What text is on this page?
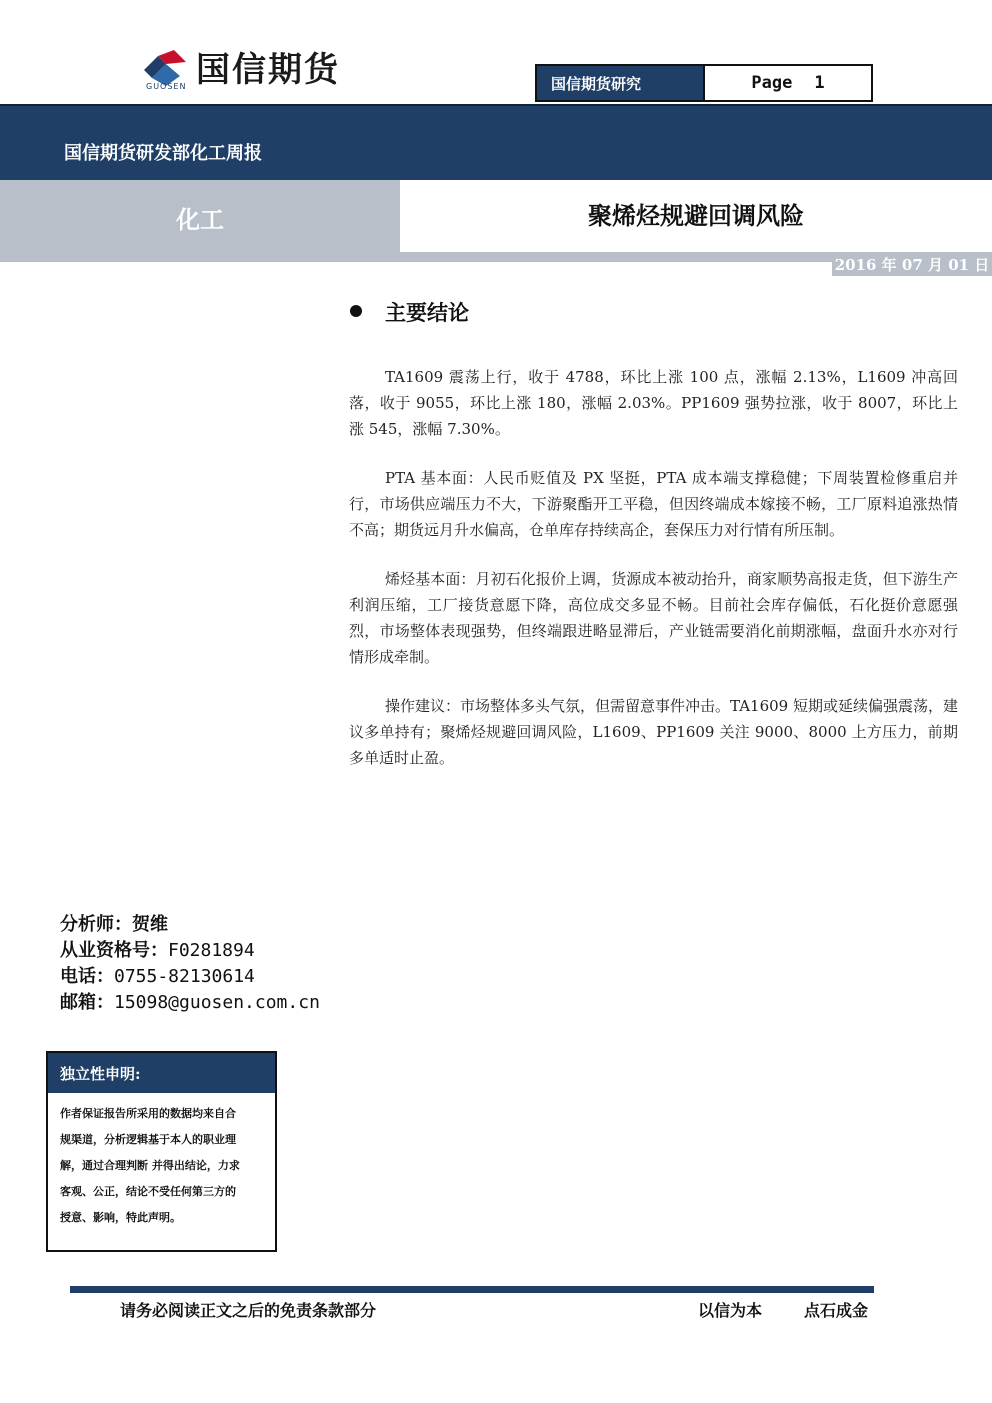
国信期货
GUOSEN	国信期货研究	Page 1
国信期货研发部化工周报
化工	聚烯烃规避回调风险
2016 年 07 月 01 日
主要结论

TA1609 震荡上行，收于 4788，环比上涨 100 点，涨幅 2.13%，L1609 冲高回落，收于 9055，环比上涨 180，涨幅 2.03%。PP1609 强势拉涨，收于 8007，环比上涨 545，涨幅 7.30%。

PTA 基本面：人民币贬值及 PX 坚挺，PTA 成本端支撑稳健；下周装置检修重启并行，市场供应端压力不大，下游聚酯开工平稳，但因终端成本嫁接不畅，工厂原料追涨热情不高；期货远月升水偏高，仓单库存持续高企，套保压力对行情有所压制。

烯烃基本面：月初石化报价上调，货源成本被动抬升，商家顺势高报走货，但下游生产利润压缩，工厂接货意愿下降，高位成交多显不畅。目前社会库存偏低，石化挺价意愿强烈，市场整体表现强势，但终端跟进略显滞后，产业链需要消化前期涨幅，盘面升水亦对行情形成牵制。

操作建议：市场整体多头气氛，但需留意事件冲击。TA1609 短期或延续偏强震荡，建议多单持有；聚烯烃规避回调风险，L1609、PP1609 关注 9000、8000 上方压力，前期多单适时止盈。

分析师：贺维
从业资格号：F0281894
电话：0755-82130614
邮箱：15098@guosen.com.cn
独立性申明:
作者保证报告所采用的数据均来自合
规渠道，分析逻辑基于本人的职业理
解，通过合理判断 并得出结论，力求
客观、公正，结论不受任何第三方的
授意、影响，特此声明。
请务必阅读正文之后的免责条款部分	以信为本	点石成金
